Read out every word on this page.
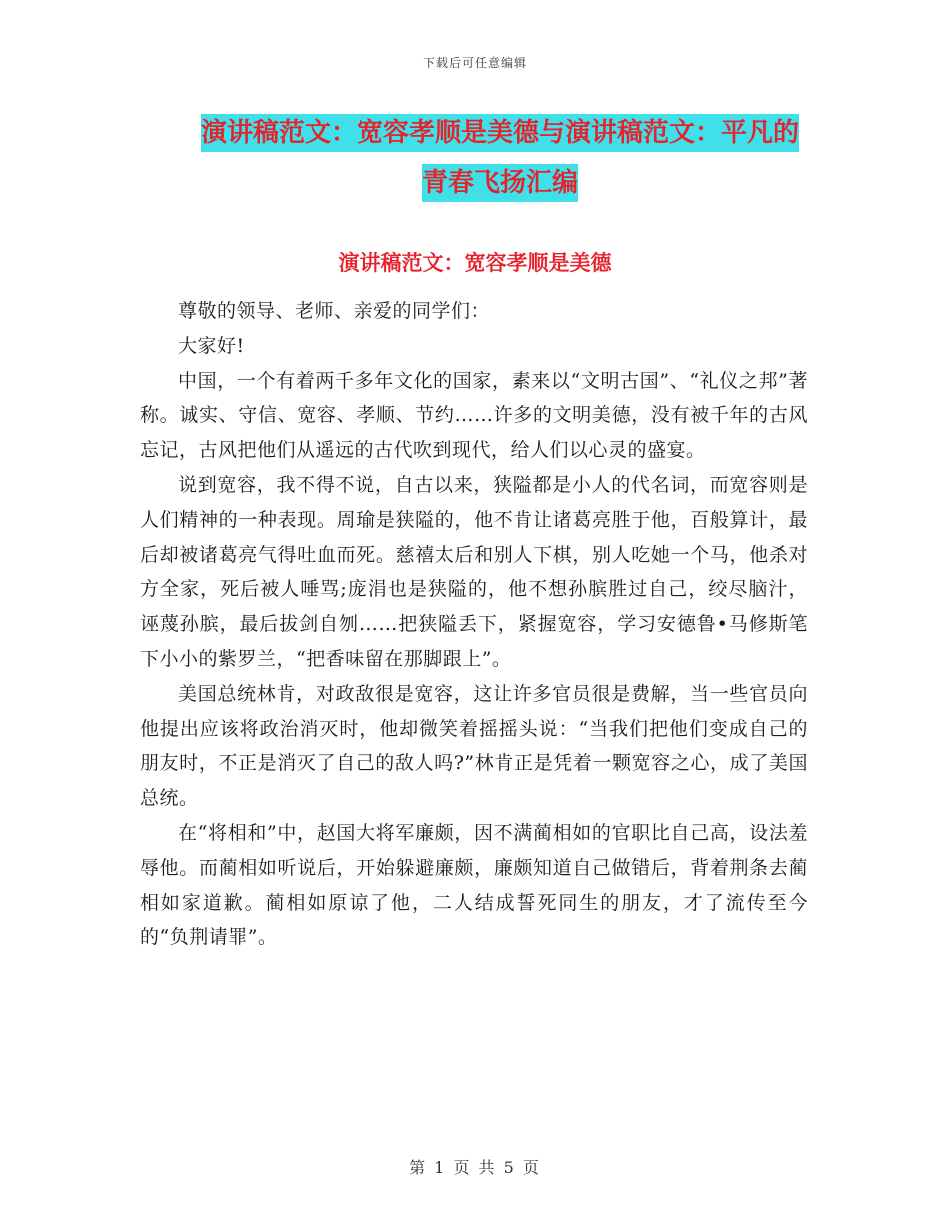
下载后可任意编辑
演讲稿范文：宽容孝顺是美德与演讲稿范文：平凡的青春飞扬汇编
演讲稿范文：宽容孝顺是美德

尊敬的领导、老师、亲爱的同学们：

大家好!

中国，一个有着两千多年文化的国家，素来以“文明古国”、“礼仪之邦”著称。诚实、守信、宽容、孝顺、节约……许多的文明美德，没有被千年的古风忘记，古风把他们从遥远的古代吹到现代，给人们以心灵的盛宴。

说到宽容，我不得不说，自古以来，狭隘都是小人的代名词，而宽容则是人们精神的一种表现。周瑜是狭隘的，他不肯让诸葛亮胜于他，百般算计，最后却被诸葛亮气得吐血而死。慈禧太后和别人下棋，别人吃她一个马，他杀对方全家，死后被人唾骂;庞涓也是狭隘的，他不想孙膑胜过自己，绞尽脑汁，诬蔑孙膑，最后拔剑自刎……把狭隘丢下，紧握宽容，学习安德鲁•马修斯笔下小小的紫罗兰，“把香味留在那脚跟上”。

美国总统林肯，对政敌很是宽容，这让许多官员很是费解，当一些官员向他提出应该将政治消灭时，他却微笑着摇摇头说：“当我们把他们变成自己的朋友时，不正是消灭了自己的敌人吗?”林肯正是凭着一颗宽容之心，成了美国总统。

在“将相和”中，赵国大将军廉颇，因不满蔺相如的官职比自己高，设法羞辱他。而蔺相如听说后，开始躲避廉颇，廉颇知道自己做错后，背着荆条去蔺相如家道歉。蔺相如原谅了他，二人结成誓死同生的朋友，才了流传至今的“负荆请罪”。

第 1 页 共 5 页
